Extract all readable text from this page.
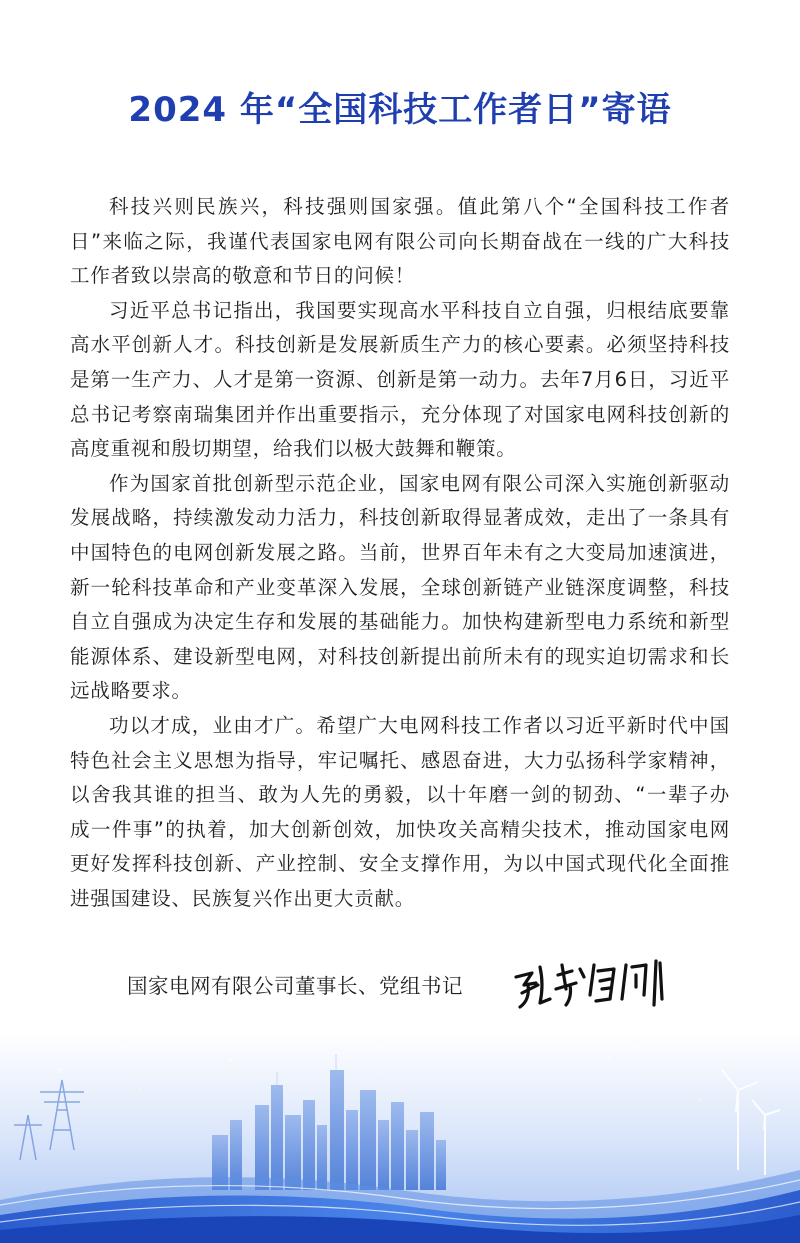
2024 年“全国科技工作者日”寄语

科技兴则民族兴，科技强则国家强。值此第八个“全国科技工作者日”来临之际，我谨代表国家电网有限公司向长期奋战在一线的广大科技工作者致以崇高的敬意和节日的问候！

习近平总书记指出，我国要实现高水平科技自立自强，归根结底要靠高水平创新人才。科技创新是发展新质生产力的核心要素。必须坚持科技是第一生产力、人才是第一资源、创新是第一动力。去年7月6日，习近平总书记考察南瑞集团并作出重要指示，充分体现了对国家电网科技创新的高度重视和殷切期望，给我们以极大鼓舞和鞭策。

作为国家首批创新型示范企业，国家电网有限公司深入实施创新驱动发展战略，持续激发动力活力，科技创新取得显著成效，走出了一条具有中国特色的电网创新发展之路。当前，世界百年未有之大变局加速演进，新一轮科技革命和产业变革深入发展，全球创新链产业链深度调整，科技自立自强成为决定生存和发展的基础能力。加快构建新型电力系统和新型能源体系、建设新型电网，对科技创新提出前所未有的现实迫切需求和长远战略要求。

功以才成，业由才广。希望广大电网科技工作者以习近平新时代中国特色社会主义思想为指导，牢记嘱托、感恩奋进，大力弘扬科学家精神，以舍我其谁的担当、敢为人先的勇毅，以十年磨一剑的韧劲、“一辈子办成一件事”的执着，加大创新创效，加快攻关高精尖技术，推动国家电网更好发挥科技创新、产业控制、安全支撑作用，为以中国式现代化全面推进强国建设、民族复兴作出更大贡献。

国家电网有限公司董事长、党组书记
